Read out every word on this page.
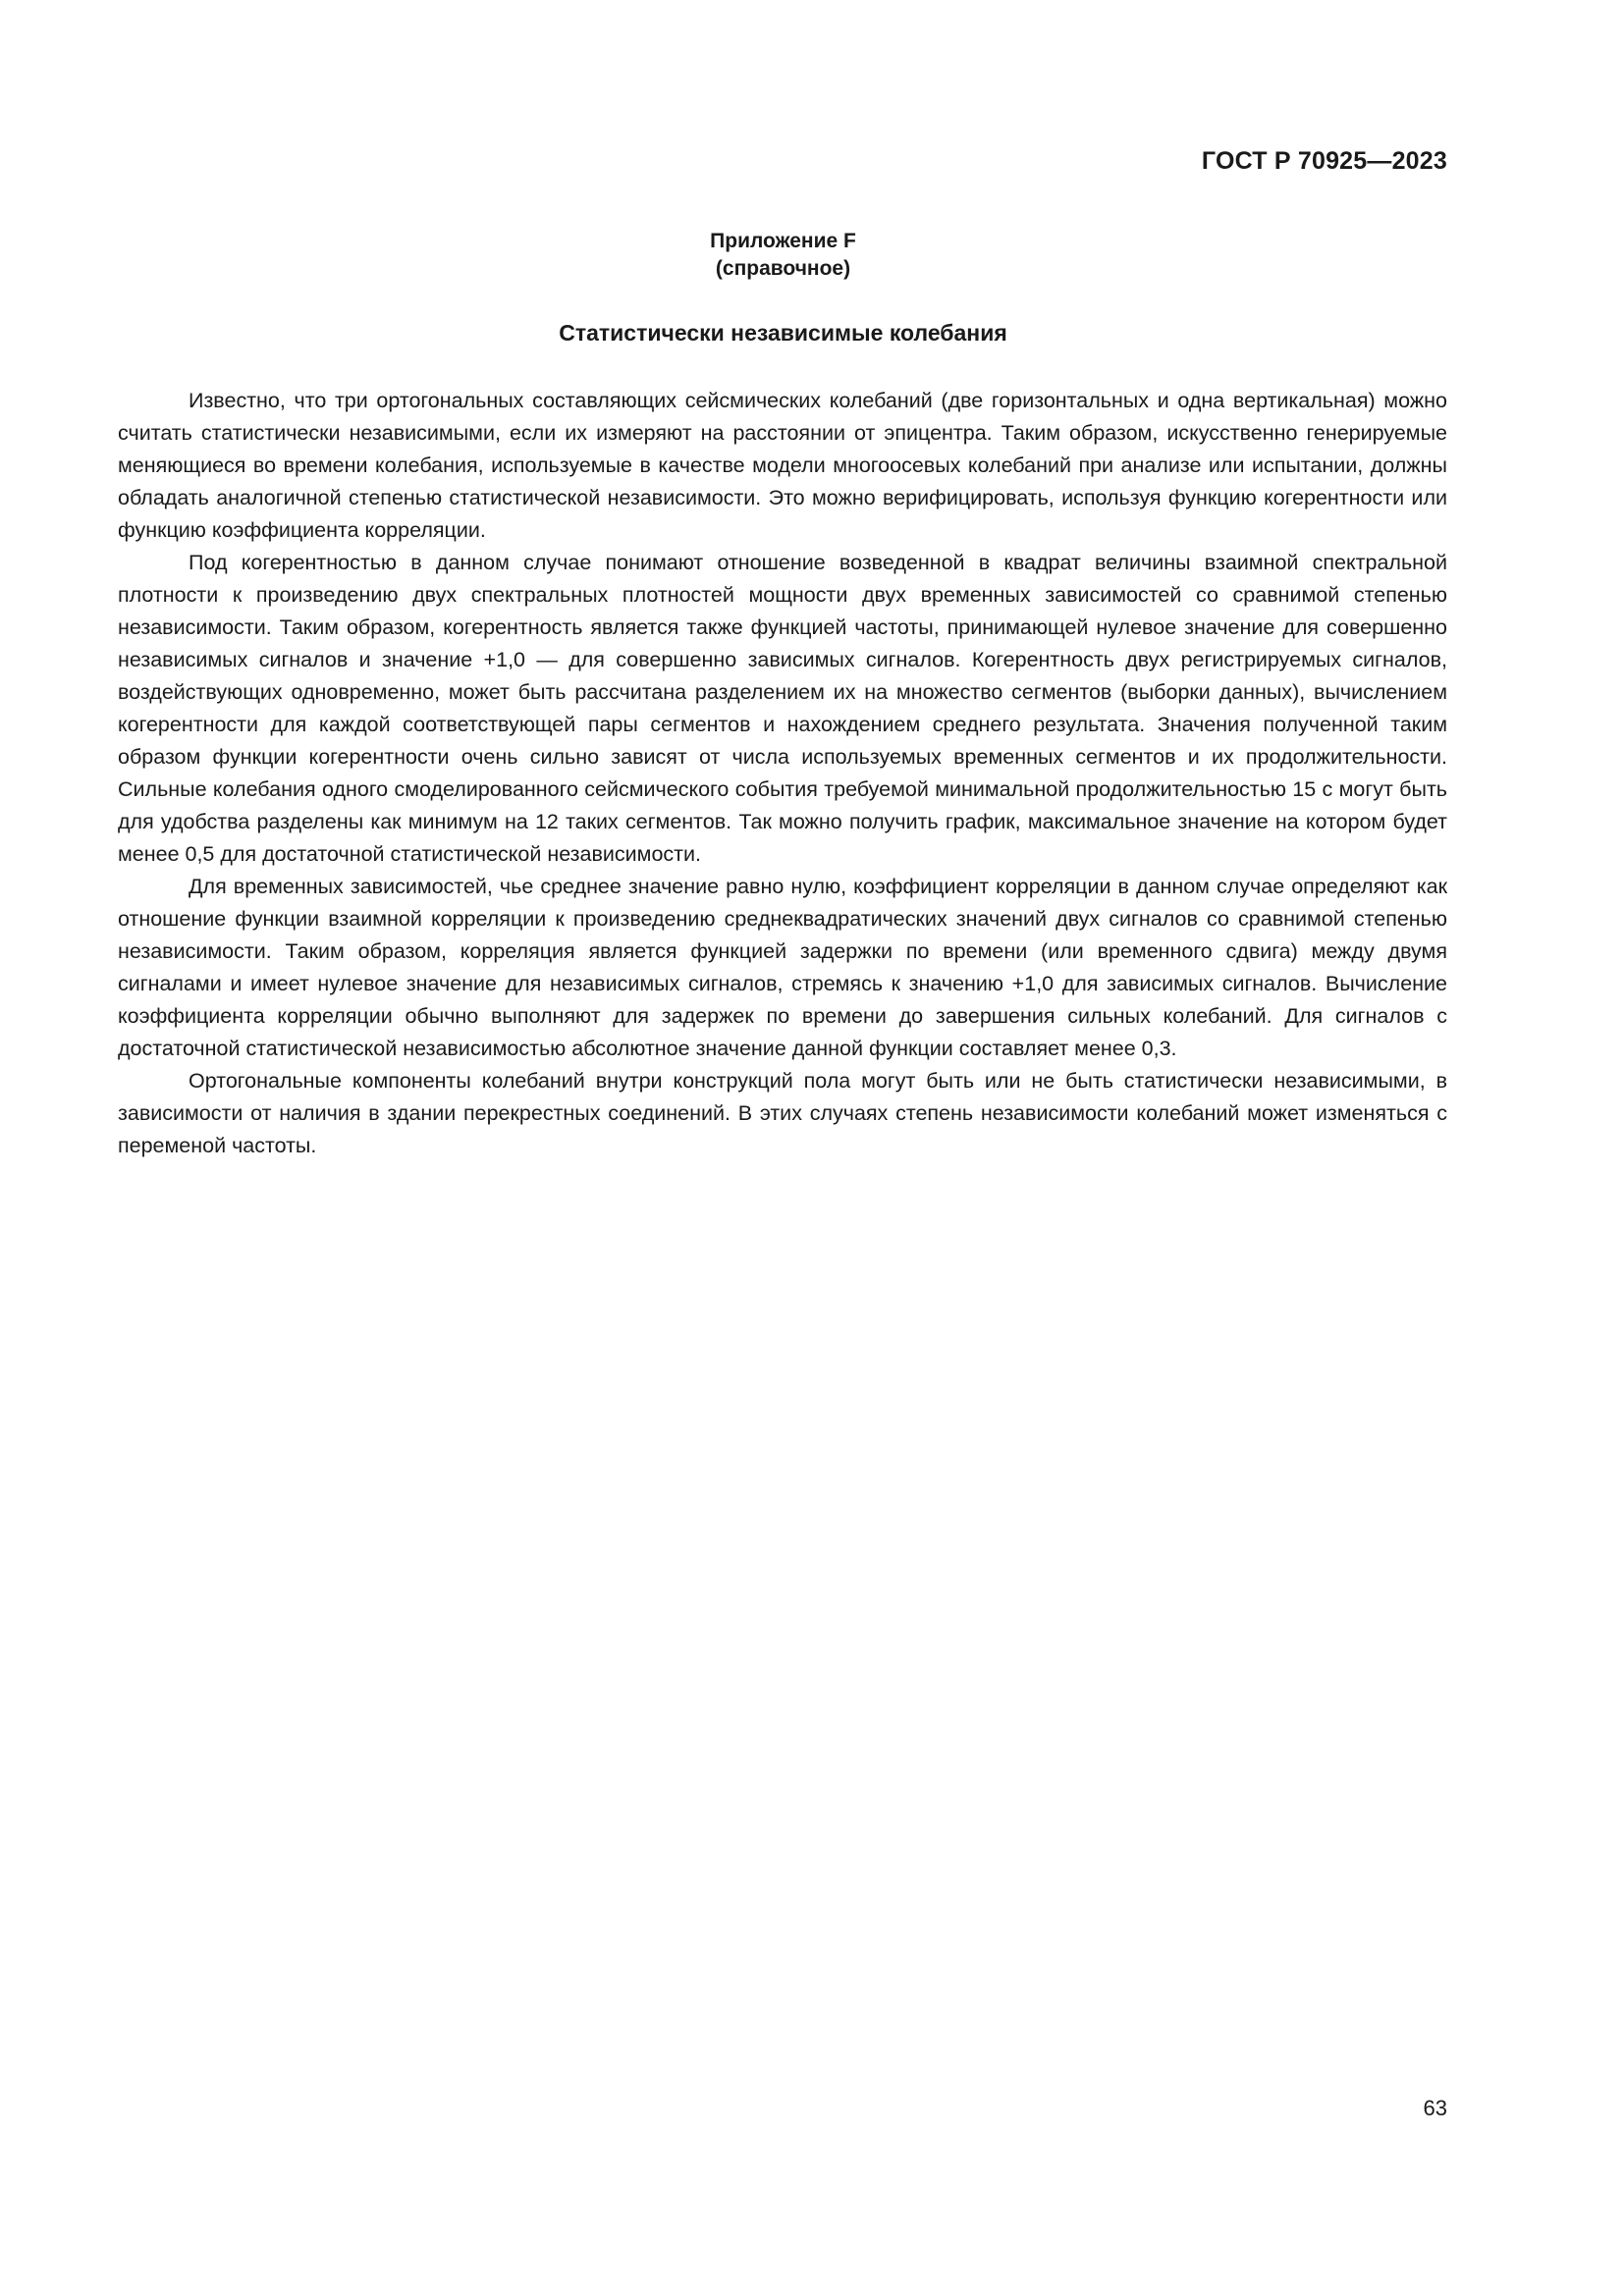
ГОСТ Р 70925—2023
Приложение F
(справочное)
Статистически независимые колебания

Известно, что три ортогональных составляющих сейсмических колебаний (две горизонтальных и одна вертикальная) можно считать статистически независимыми, если их измеряют на расстоянии от эпицентра. Таким образом, искусственно генерируемые меняющиеся во времени колебания, используемые в качестве модели многоосевых колебаний при анализе или испытании, должны обладать аналогичной степенью статистической независимости. Это можно верифицировать, используя функцию когерентности или функцию коэффициента корреляции.

Под когерентностью в данном случае понимают отношение возведенной в квадрат величины взаимной спектральной плотности к произведению двух спектральных плотностей мощности двух временных зависимостей со сравнимой степенью независимости. Таким образом, когерентность является также функцией частоты, принимающей нулевое значение для совершенно независимых сигналов и значение +1,0 — для совершенно зависимых сигналов. Когерентность двух регистрируемых сигналов, воздействующих одновременно, может быть рассчитана разделением их на множество сегментов (выборки данных), вычислением когерентности для каждой соответствующей пары сегментов и нахождением среднего результата. Значения полученной таким образом функции когерентности очень сильно зависят от числа используемых временных сегментов и их продолжительности. Сильные колебания одного смоделированного сейсмического события требуемой минимальной продолжительностью 15 с могут быть для удобства разделены как минимум на 12 таких сегментов. Так можно получить график, максимальное значение на котором будет менее 0,5 для достаточной статистической независимости.

Для временных зависимостей, чье среднее значение равно нулю, коэффициент корреляции в данном случае определяют как отношение функции взаимной корреляции к произведению среднеквадратических значений двух сигналов со сравнимой степенью независимости. Таким образом, корреляция является функцией задержки по времени (или временного сдвига) между двумя сигналами и имеет нулевое значение для независимых сигналов, стремясь к значению +1,0 для зависимых сигналов. Вычисление коэффициента корреляции обычно выполняют для задержек по времени до завершения сильных колебаний. Для сигналов с достаточной статистической независимостью абсолютное значение данной функции составляет менее 0,3.

Ортогональные компоненты колебаний внутри конструкций пола могут быть или не быть статистически независимыми, в зависимости от наличия в здании перекрестных соединений. В этих случаях степень независимости колебаний может изменяться с переменой частоты.

63
